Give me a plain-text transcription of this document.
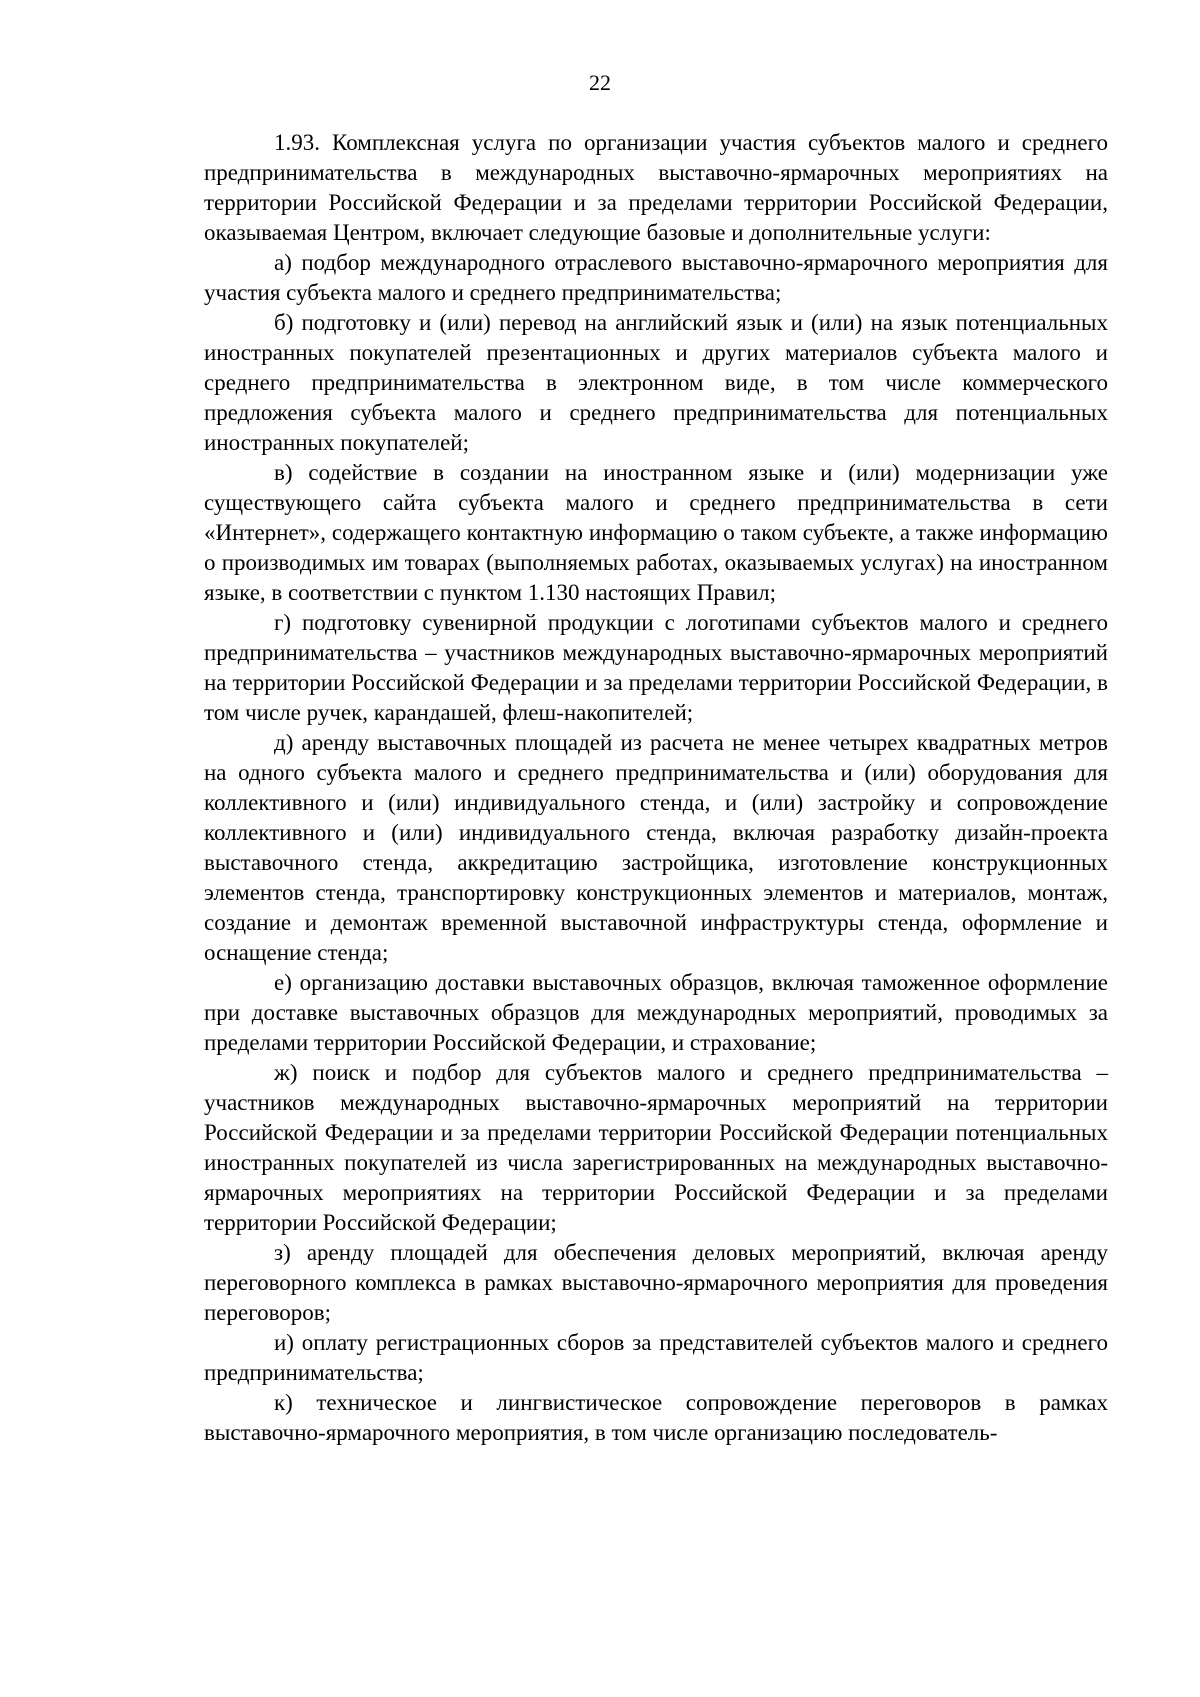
22

1.93. Комплексная услуга по организации участия субъектов малого и среднего предпринимательства в международных выставочно-ярмарочных мероприятиях на территории Российской Федерации и за пределами территории Российской Федерации, оказываемая Центром, включает следующие базовые и дополнительные услуги:

а) подбор международного отраслевого выставочно-ярмарочного мероприятия для участия субъекта малого и среднего предпринимательства;

б) подготовку и (или) перевод на английский язык и (или) на язык потенциальных иностранных покупателей презентационных и других материалов субъекта малого и среднего предпринимательства в электронном виде, в том числе коммерческого предложения субъекта малого и среднего предпринимательства для потенциальных иностранных покупателей;

в) содействие в создании на иностранном языке и (или) модернизации уже существующего сайта субъекта малого и среднего предпринимательства в сети «Интернет», содержащего контактную информацию о таком субъекте, а также информацию о производимых им товарах (выполняемых работах, оказываемых услугах) на иностранном языке, в соответствии с пунктом 1.130 настоящих Правил;

г) подготовку сувенирной продукции с логотипами субъектов малого и среднего предпринимательства – участников международных выставочно-ярмарочных мероприятий на территории Российской Федерации и за пределами территории Российской Федерации, в том числе ручек, карандашей, флеш-накопителей;

д) аренду выставочных площадей из расчета не менее четырех квадратных метров на одного субъекта малого и среднего предпринимательства и (или) оборудования для коллективного и (или) индивидуального стенда, и (или) застройку и сопровождение коллективного и (или) индивидуального стенда, включая разработку дизайн-проекта выставочного стенда, аккредитацию застройщика, изготовление конструкционных элементов стенда, транспортировку конструкционных элементов и материалов, монтаж, создание и демонтаж временной выставочной инфраструктуры стенда, оформление и оснащение стенда;

е) организацию доставки выставочных образцов, включая таможенное оформление при доставке выставочных образцов для международных мероприятий, проводимых за пределами территории Российской Федерации, и страхование;

ж) поиск и подбор для субъектов малого и среднего предпринимательства – участников международных выставочно-ярмарочных мероприятий на территории Российской Федерации и за пределами территории Российской Федерации потенциальных иностранных покупателей из числа зарегистрированных на международных выставочно-ярмарочных мероприятиях на территории Российской Федерации и за пределами территории Российской Федерации;

з) аренду площадей для обеспечения деловых мероприятий, включая аренду переговорного комплекса в рамках выставочно-ярмарочного мероприятия для проведения переговоров;

и) оплату регистрационных сборов за представителей субъектов малого и среднего предпринимательства;

к) техническое и лингвистическое сопровождение переговоров в рамках выставочно-ярмарочного мероприятия, в том числе организацию последователь-
